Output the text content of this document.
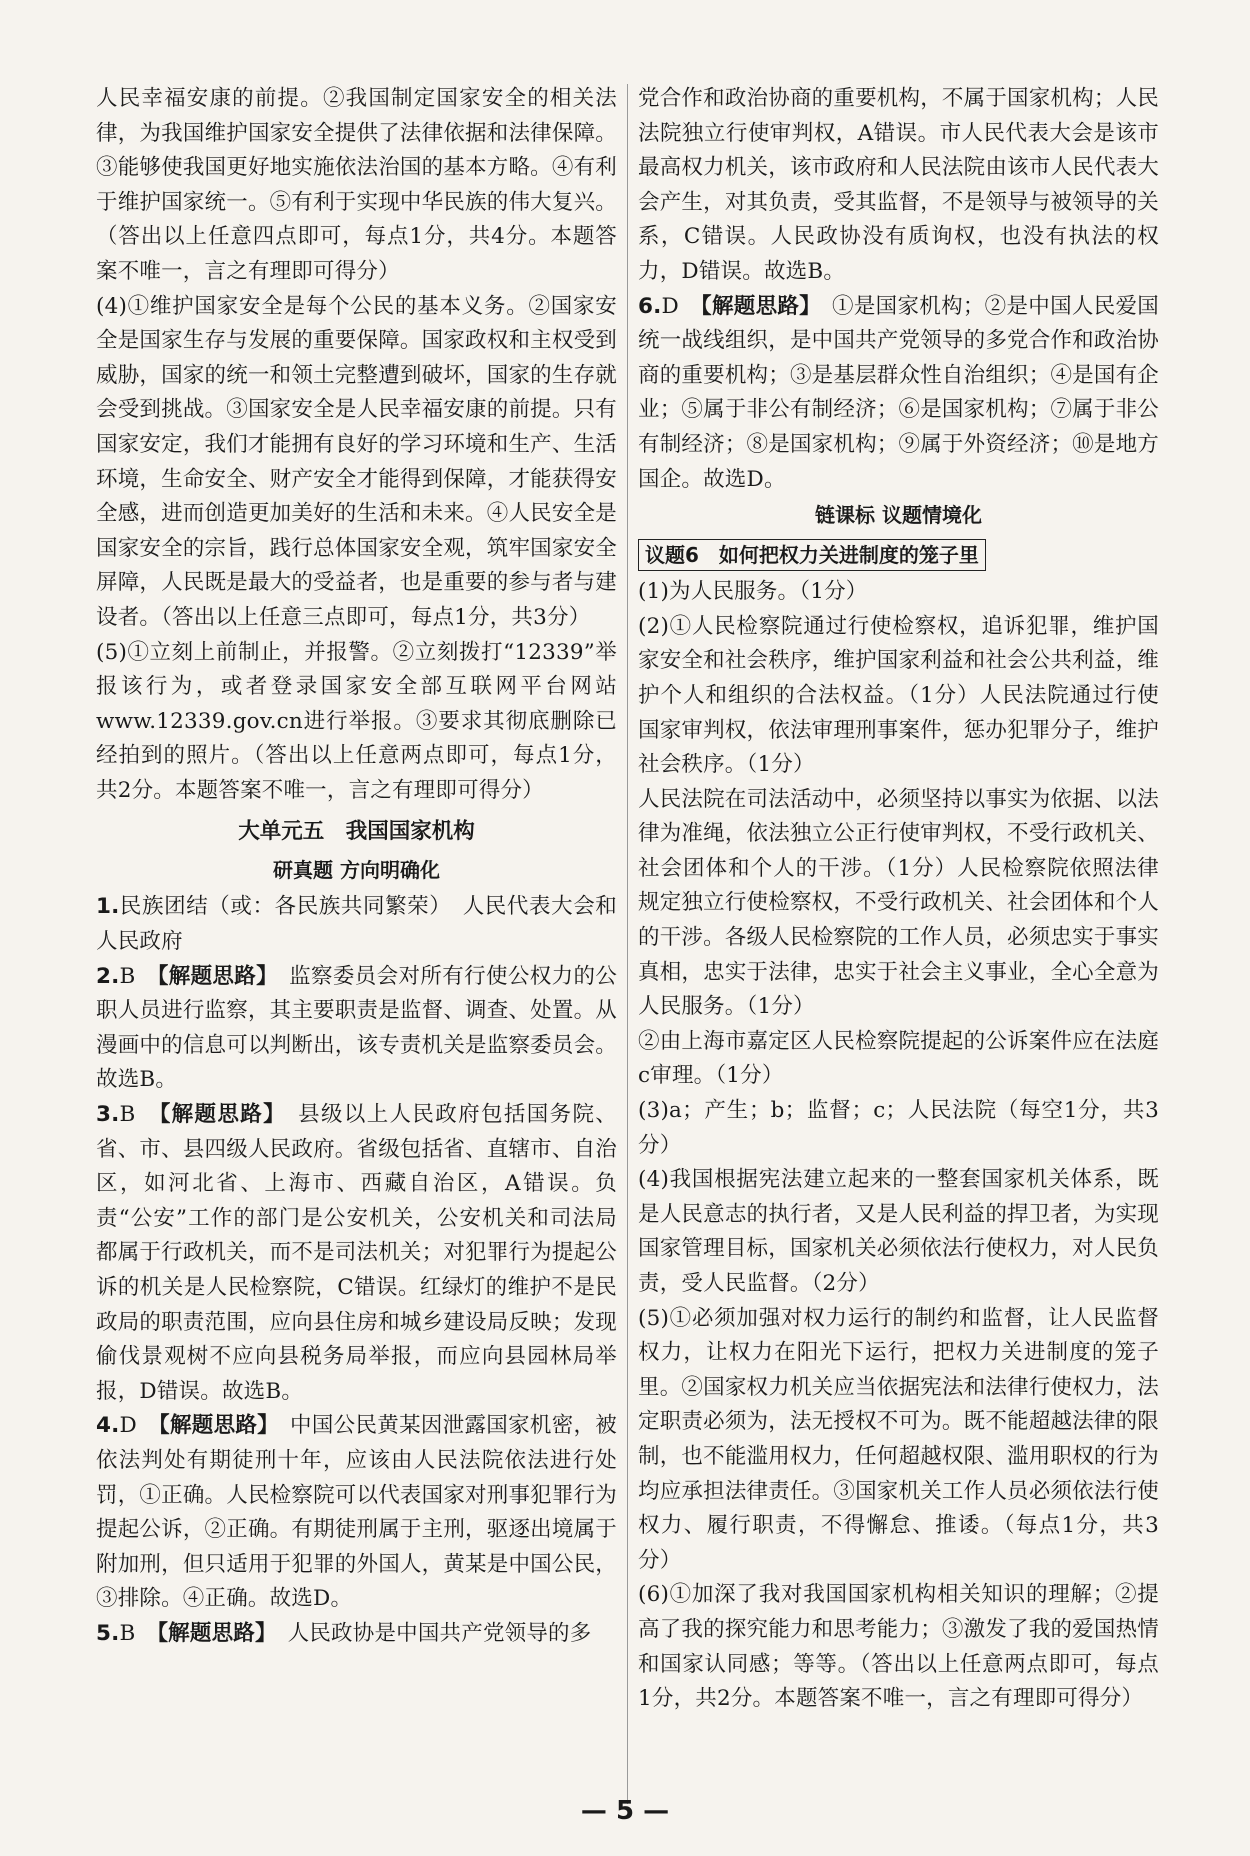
人民幸福安康的前提。②我国制定国家安全的相关法律，为我国维护国家安全提供了法律依据和法律保障。③能够使我国更好地实施依法治国的基本方略。④有利于维护国家统一。⑤有利于实现中华民族的伟大复兴。（答出以上任意四点即可，每点1分，共4分。本题答案不唯一，言之有理即可得分）

(4)①维护国家安全是每个公民的基本义务。②国家安全是国家生存与发展的重要保障。国家政权和主权受到威胁，国家的统一和领土完整遭到破坏，国家的生存就会受到挑战。③国家安全是人民幸福安康的前提。只有国家安定，我们才能拥有良好的学习环境和生产、生活环境，生命安全、财产安全才能得到保障，才能获得安全感，进而创造更加美好的生活和未来。④人民安全是国家安全的宗旨，践行总体国家安全观，筑牢国家安全屏障，人民既是最大的受益者，也是重要的参与者与建设者。（答出以上任意三点即可，每点1分，共3分）

(5)①立刻上前制止，并报警。②立刻拨打“12339”举报该行为，或者登录国家安全部互联网平台网站www.12339.gov.cn进行举报。③要求其彻底删除已经拍到的照片。（答出以上任意两点即可，每点1分，共2分。本题答案不唯一，言之有理即可得分）

大单元五　我国国家机构
研真题 方向明确化

1.民族团结（或：各民族共同繁荣）　人民代表大会和人民政府

2.B　 【解题思路】　 监察委员会对所有行使公权力的公职人员进行监察，其主要职责是监督、调查、处置。从漫画中的信息可以判断出，该专责机关是监察委员会。故选B。

3.B　 【解题思路】　 县级以上人民政府包括国务院、省、市、县四级人民政府。省级包括省、直辖市、自治区，如河北省、上海市、西藏自治区，A错误。负责“公安”工作的部门是公安机关，公安机关和司法局都属于行政机关，而不是司法机关；对犯罪行为提起公诉的机关是人民检察院，C错误。红绿灯的维护不是民政局的职责范围，应向县住房和城乡建设局反映；发现偷伐景观树不应向县税务局举报，而应向县园林局举报，D错误。故选B。

4.D　 【解题思路】　 中国公民黄某因泄露国家机密，被依法判处有期徒刑十年，应该由人民法院依法进行处罚，①正确。人民检察院可以代表国家对刑事犯罪行为提起公诉，②正确。有期徒刑属于主刑，驱逐出境属于附加刑，但只适用于犯罪的外国人，黄某是中国公民，③排除。④正确。故选D。

5.B　 【解题思路】　 人民政协是中国共产党领导的多

党合作和政治协商的重要机构，不属于国家机构；人民法院独立行使审判权，A错误。市人民代表大会是该市最高权力机关，该市政府和人民法院由该市人民代表大会产生，对其负责，受其监督，不是领导与被领导的关系，C错误。人民政协没有质询权，也没有执法的权力，D错误。故选B。

6.D　 【解题思路】　 ①是国家机构；②是中国人民爱国统一战线组织，是中国共产党领导的多党合作和政治协商的重要机构；③是基层群众性自治组织；④是国有企业；⑤属于非公有制经济；⑥是国家机构；⑦属于非公有制经济；⑧是国家机构；⑨属于外资经济；⑩是地方国企。故选D。

链课标 议题情境化
议题6　如何把权力关进制度的笼子里

(1)为人民服务。（1分）

(2)①人民检察院通过行使检察权，追诉犯罪，维护国家安全和社会秩序，维护国家利益和社会公共利益，维护个人和组织的合法权益。（1分）人民法院通过行使国家审判权，依法审理刑事案件，惩办犯罪分子，维护社会秩序。（1分）

人民法院在司法活动中，必须坚持以事实为依据、以法律为准绳，依法独立公正行使审判权，不受行政机关、社会团体和个人的干涉。（1分）人民检察院依照法律规定独立行使检察权，不受行政机关、社会团体和个人的干涉。各级人民检察院的工作人员，必须忠实于事实真相，忠实于法律，忠实于社会主义事业，全心全意为人民服务。（1分）

②由上海市嘉定区人民检察院提起的公诉案件应在法庭c审理。（1分）

(3)a；产生；b；监督；c；人民法院（每空1分，共3分）

(4)我国根据宪法建立起来的一整套国家机关体系，既是人民意志的执行者，又是人民利益的捍卫者，为实现国家管理目标，国家机关必须依法行使权力，对人民负责，受人民监督。（2分）

(5)①必须加强对权力运行的制约和监督，让人民监督权力，让权力在阳光下运行，把权力关进制度的笼子里。②国家权力机关应当依据宪法和法律行使权力，法定职责必须为，法无授权不可为。既不能超越法律的限制，也不能滥用权力，任何超越权限、滥用职权的行为均应承担法律责任。③国家机关工作人员必须依法行使权力、履行职责，不得懈怠、推诿。（每点1分，共3分）

(6)①加深了我对我国国家机构相关知识的理解；②提高了我的探究能力和思考能力；③激发了我的爱国热情和国家认同感；等等。（答出以上任意两点即可，每点1分，共2分。本题答案不唯一，言之有理即可得分）

— 5 —
